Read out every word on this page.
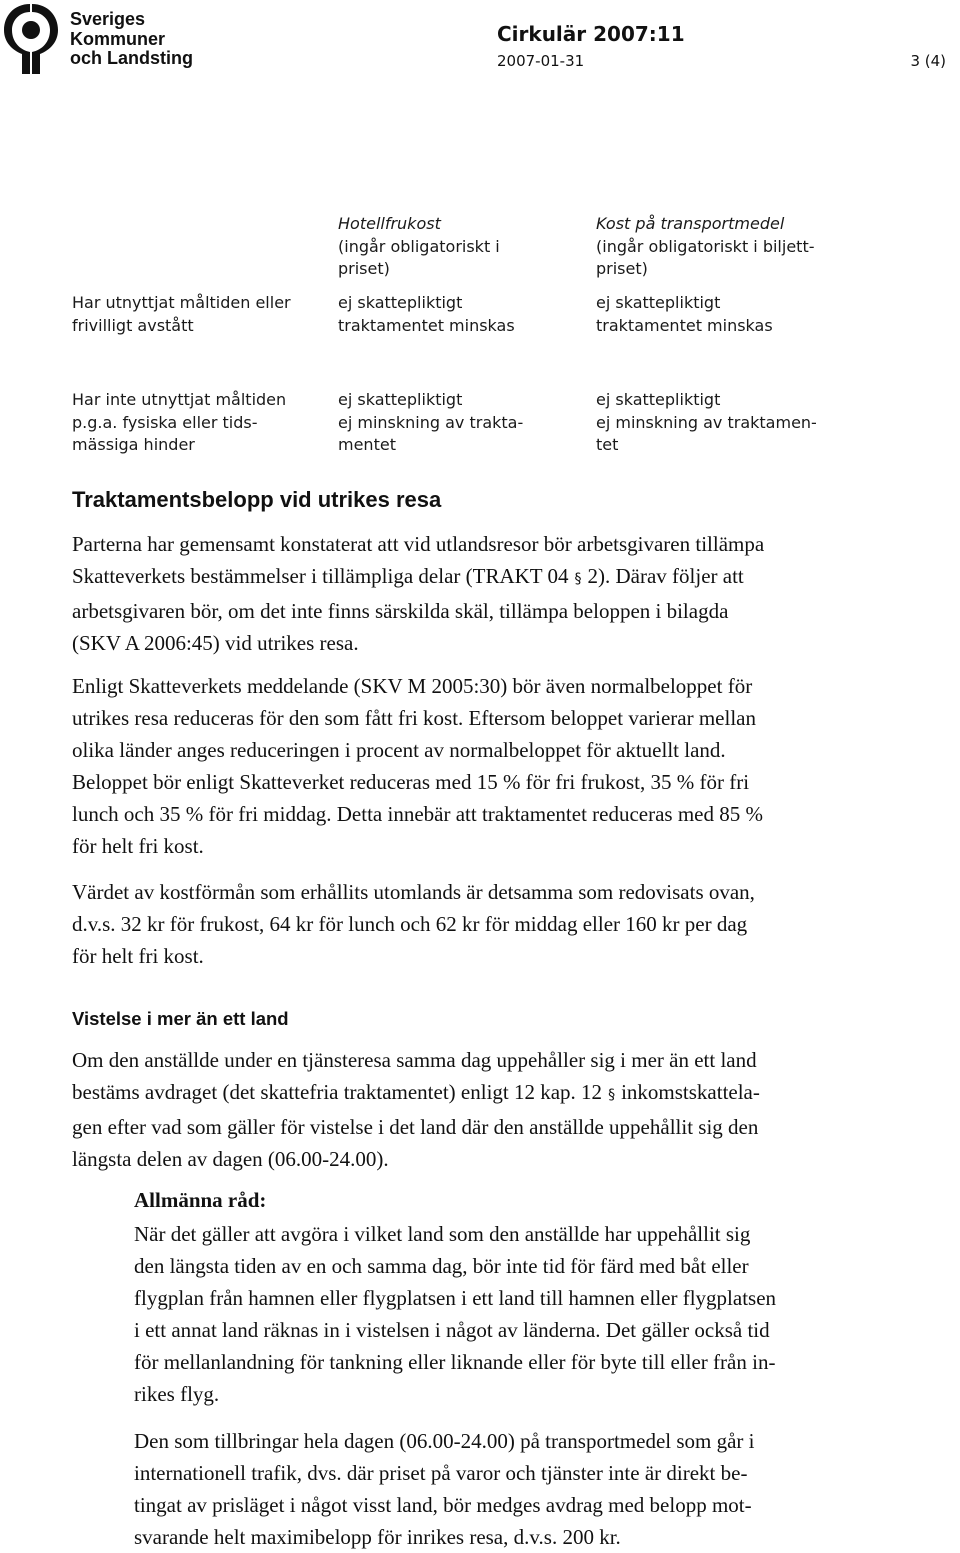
Sveriges
Kommuner
och Landsting
Cirkulär 2007:11
2007-01-31	3 (4)
Hotellfrukost
(ingår obligatoriskt i
priset)
Kost på transportmedel
(ingår obligatoriskt i biljett-
priset)
Har utnyttjat måltiden eller
frivilligt avstått
ej skattepliktigt
traktamentet minskas
ej skattepliktigt
traktamentet minskas
Har inte utnyttjat måltiden
p.g.a. fysiska eller tids-
mässiga hinder
ej skattepliktigt
ej minskning av trakta-
mentet
ej skattepliktigt
ej minskning av traktamen-
tet
Traktamentsbelopp vid utrikes resa
Parterna har gemensamt konstaterat att vid utlandsresor bör arbetsgivaren tillämpa
Skatteverkets bestämmelser i tillämpliga delar (TRAKT 04 § 2). Därav följer att
arbetsgivaren bör, om det inte finns särskilda skäl, tillämpa beloppen i bilagda
(SKV A 2006:45) vid utrikes resa.
Enligt Skatteverkets meddelande (SKV M 2005:30) bör även normalbeloppet för
utrikes resa reduceras för den som fått fri kost. Eftersom beloppet varierar mellan
olika länder anges reduceringen i procent av normalbeloppet för aktuellt land.
Beloppet bör enligt Skatteverket reduceras med 15 % för fri frukost, 35 % för fri
lunch och 35 % för fri middag. Detta innebär att traktamentet reduceras med 85 %
för helt fri kost.
Värdet av kostförmån som erhållits utomlands är detsamma som redovisats ovan,
d.v.s. 32 kr för frukost, 64 kr för lunch och 62 kr för middag eller 160 kr per dag
för helt fri kost.
Vistelse i mer än ett land
Om den anställde under en tjänsteresa samma dag uppehåller sig i mer än ett land
bestäms avdraget (det skattefria traktamentet) enligt 12 kap. 12 § inkomstskattela-
gen efter vad som gäller för vistelse i det land där den anställde uppehållit sig den
längsta delen av dagen (06.00-24.00).
Allmänna råd:
När det gäller att avgöra i vilket land som den anställde har uppehållit sig
den längsta tiden av en och samma dag, bör inte tid för färd med båt eller
flygplan från hamnen eller flygplatsen i ett land till hamnen eller flygplatsen
i ett annat land räknas in i vistelsen i något av länderna. Det gäller också tid
för mellanlandning för tankning eller liknande eller för byte till eller från in-
rikes flyg.
Den som tillbringar hela dagen (06.00-24.00) på transportmedel som går i
internationell trafik, dvs. där priset på varor och tjänster inte är direkt be-
tingat av prisläget i något visst land, bör medges avdrag med belopp mot-
svarande helt maximibelopp för inrikes resa, d.v.s. 200 kr.
